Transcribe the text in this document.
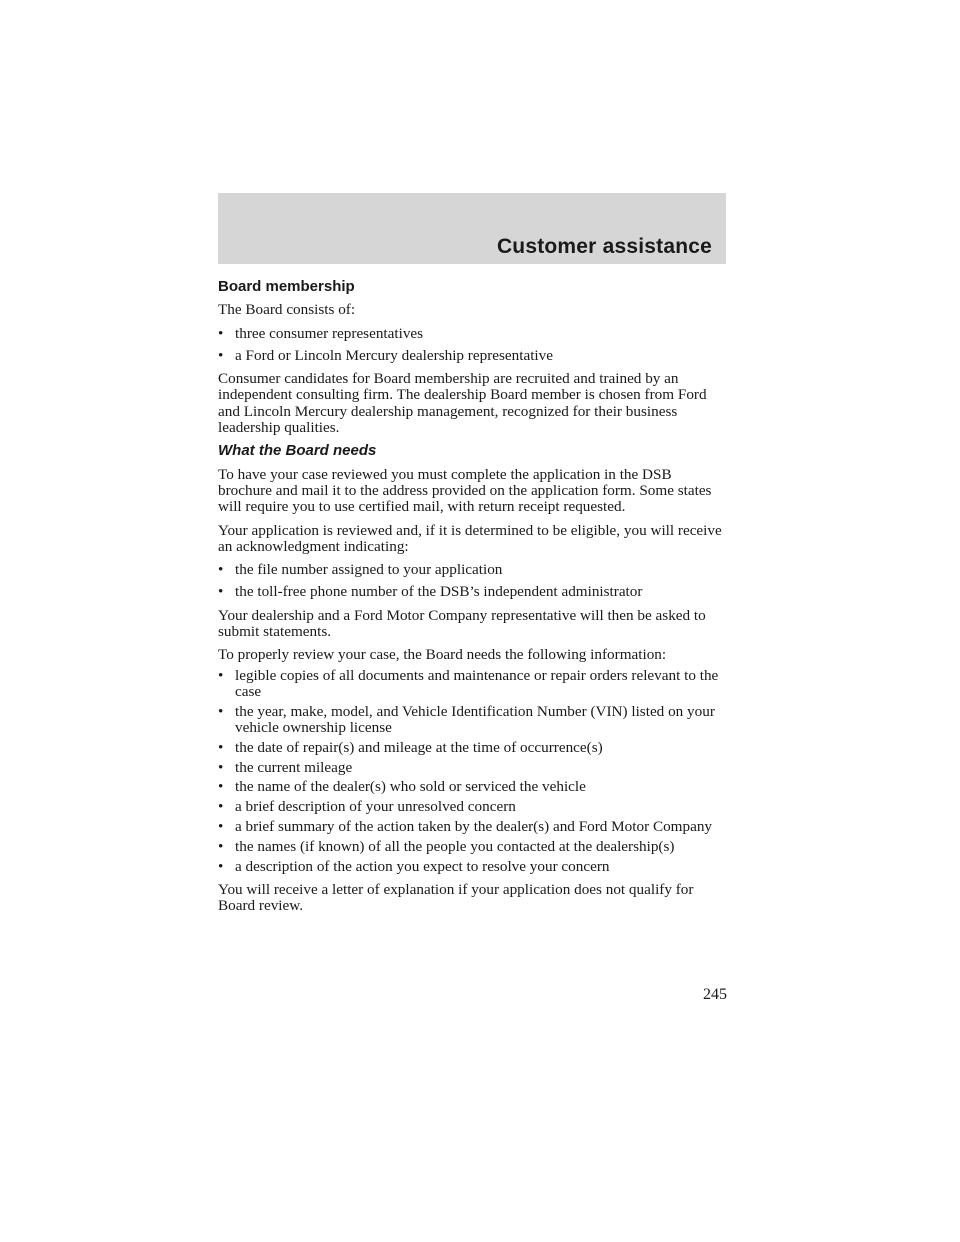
Customer assistance
Board membership

The Board consists of:

• three consumer representatives
• a Ford or Lincoln Mercury dealership representative

Consumer candidates for Board membership are recruited and trained by an independent consulting firm. The dealership Board member is chosen from Ford and Lincoln Mercury dealership management, recognized for their business leadership qualities.

What the Board needs

To have your case reviewed you must complete the application in the DSB brochure and mail it to the address provided on the application form. Some states will require you to use certified mail, with return receipt requested.

Your application is reviewed and, if it is determined to be eligible, you will receive an acknowledgment indicating:

• the file number assigned to your application
• the toll-free phone number of the DSB’s independent administrator

Your dealership and a Ford Motor Company representative will then be asked to submit statements.

To properly review your case, the Board needs the following information:

• legible copies of all documents and maintenance or repair orders relevant to the case
• the year, make, model, and Vehicle Identification Number (VIN) listed on your vehicle ownership license
• the date of repair(s) and mileage at the time of occurrence(s)
• the current mileage
• the name of the dealer(s) who sold or serviced the vehicle
• a brief description of your unresolved concern
• a brief summary of the action taken by the dealer(s) and Ford Motor Company
• the names (if known) of all the people you contacted at the dealership(s)
• a description of the action you expect to resolve your concern

You will receive a letter of explanation if your application does not qualify for Board review.

245
